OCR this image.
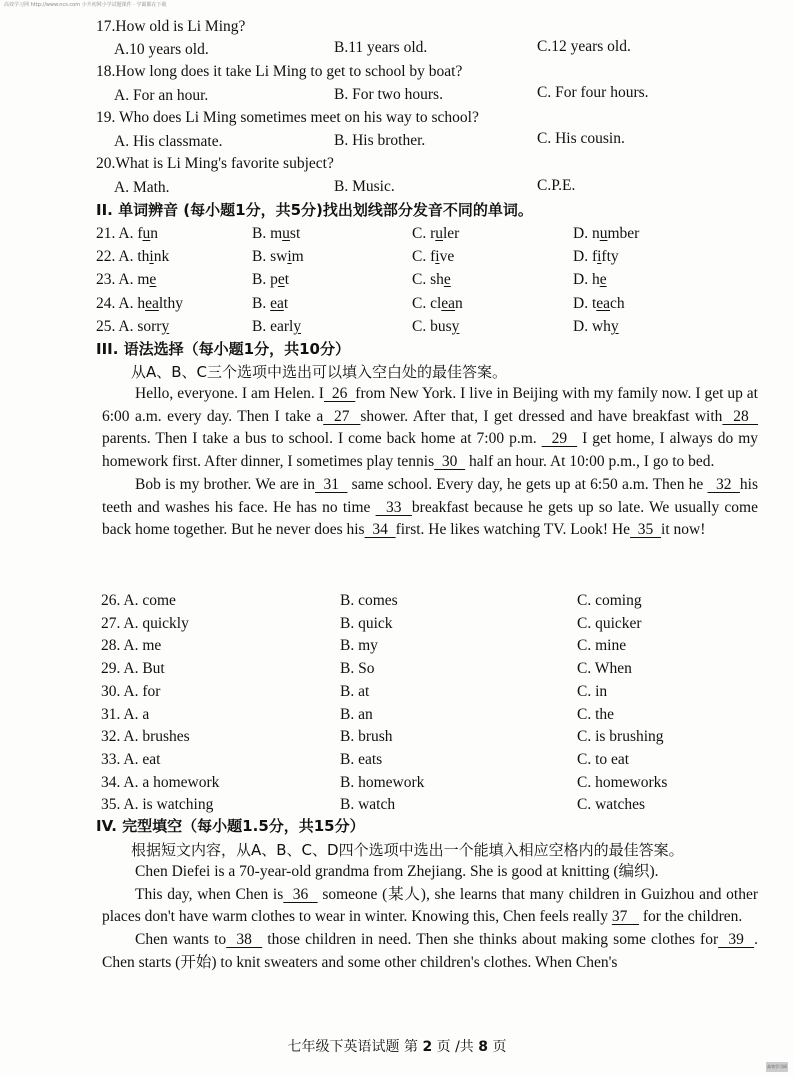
高效学习网 http://www.ncs.com 小升初网小学试题课件 · 学霸都在下载
17.How old is Li Ming?
A.10 years old.	B.11 years old.	C.12 years old.
18.How long does it take Li Ming to get to school by boat?
A. For an hour.	B. For two hours.	C. For four hours.
19. Who does Li Ming sometimes meet on his way to school?
A. His classmate.	B. His brother.	C. His cousin.
20.What is Li Ming's favorite subject?
A. Math.	B. Music.	C.P.E.
II. 单词辨音 (每小题1分，共5分)找出划线部分发音不同的单词。
21. A. fun	B. must	C. ruler	D. number
22. A. think	B. swim	C. five	D. fifty
23. A. me	B. pet	C. she	D. he
24. A. healthy	B. eat	C. clean	D. teach
25. A. sorry	B. early	C. busy	D. why
III. 语法选择（每小题1分，共10分）
从A、B、C三个选项中选出可以填入空白处的最佳答案。

Hello, everyone. I am Helen. I  26  from New York. I live in Beijing with my family now. I get up at 6:00 a.m. every day. Then I take a  27  shower. After that, I get dressed and have breakfast with  28   parents. Then I take a bus to school. I come back home at 7:00 p.m.   29   I get home, I always do my homework first. After dinner, I sometimes play tennis  30   half an hour. At 10:00 p.m., I go to bed.

Bob is my brother. We are in  31   same school. Every day, he gets up at 6:50 a.m. Then he   32  his teeth and washes his face. He has no time   33  breakfast because he gets up so late. We usually come back home together. But he never does his  34  first. He likes watching TV. Look! He  35  it now!

26. A. come	B. comes	C. coming
27. A. quickly	B. quick	C. quicker
28. A. me	B. my	C. mine
29. A. But	B. So	C. When
30. A. for	B. at	C. in
31. A. a	B. an	C. the
32. A. brushes	B. brush	C. is brushing
33. A. eat	B. eats	C. to eat
34. A. a homework	B. homework	C. homeworks
35. A. is watching	B. watch	C. watches
IV. 完型填空（每小题1.5分，共15分）
根据短文内容，从A、B、C、D四个选项中选出一个能填入相应空格内的最佳答案。

Chen Diefei is a 70-year-old grandma from Zhejiang. She is good at knitting (编织).

This day, when Chen is  36   someone (某人), she learns that many children in Guizhou and other places don't have warm clothes to wear in winter. Knowing this, Chen feels really 37    for the children.

Chen wants to  38   those children in need. Then she thinks about making some clothes for  39  . Chen starts (开始) to knit sweaters and some other children's clothes. When Chen's

七年级下英语试题 第 2 页 /共 8 页
高效学习网
